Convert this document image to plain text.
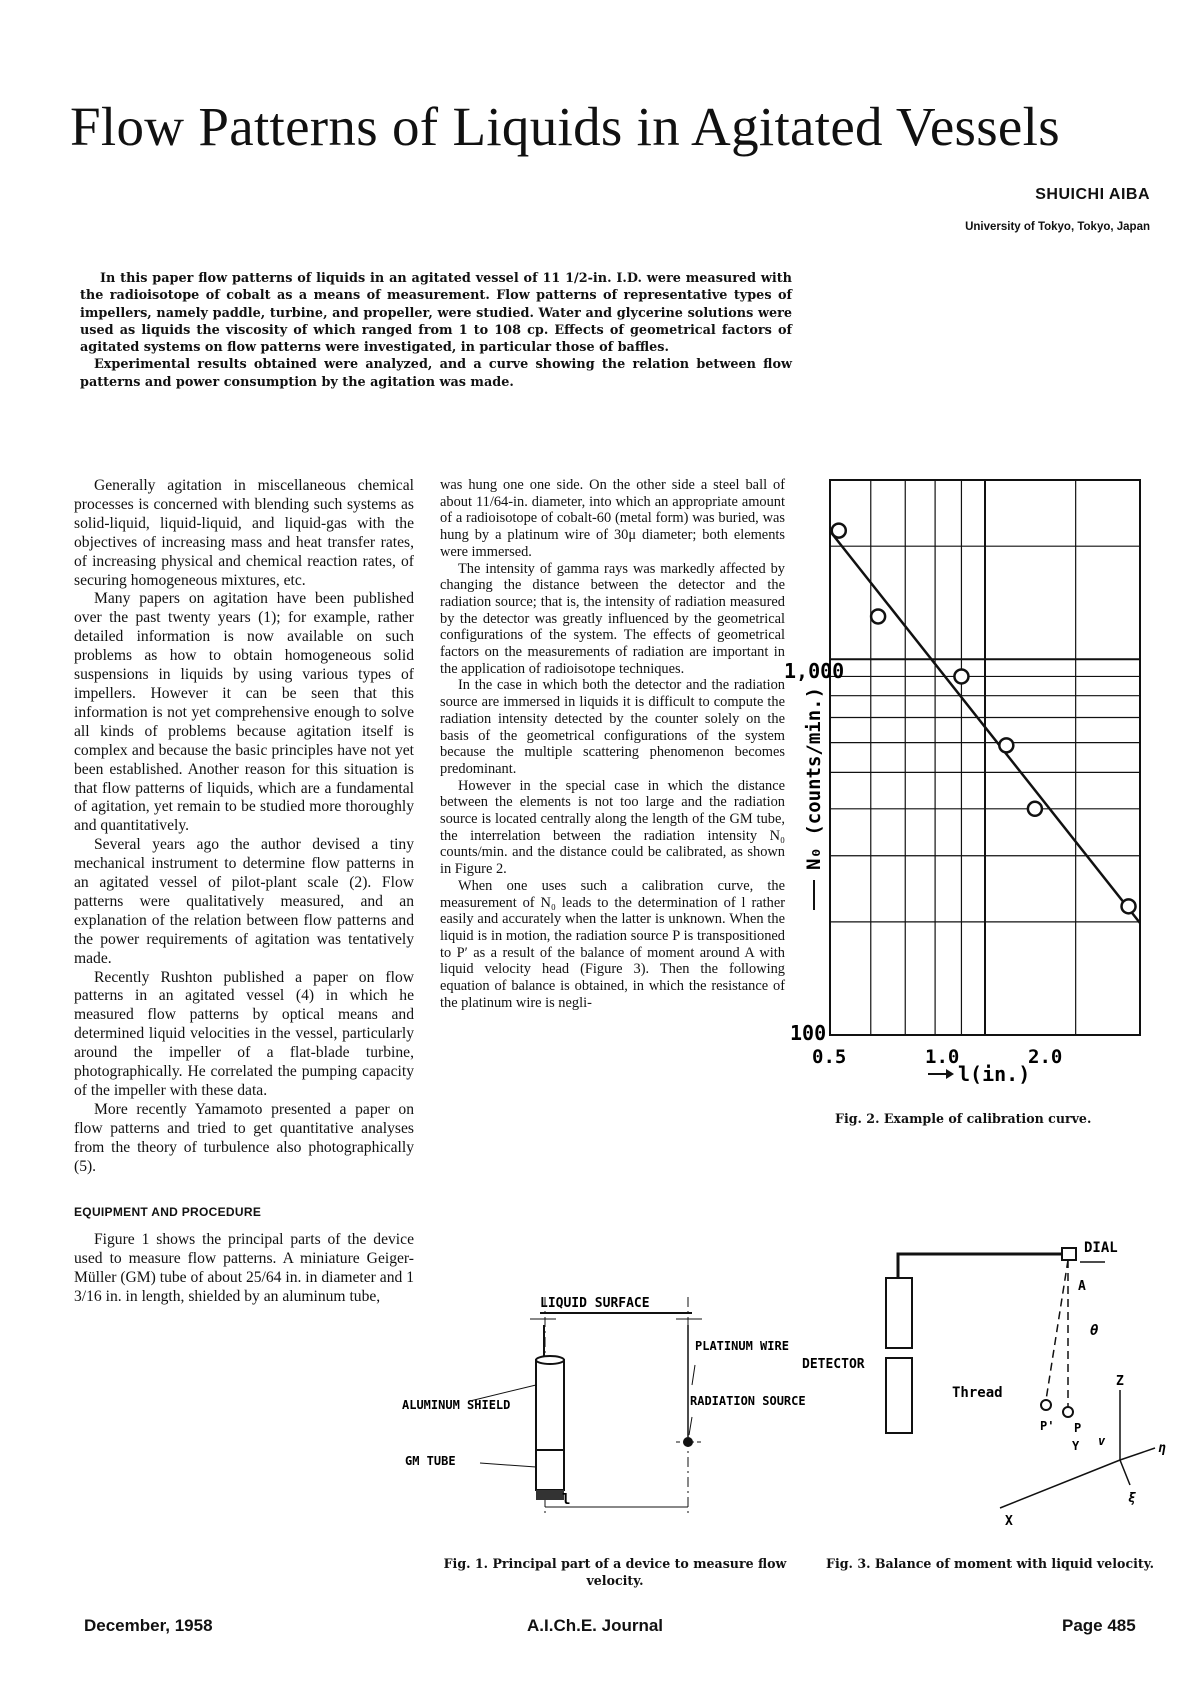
Flow Patterns of Liquids in Agitated Vessels
SHUICHI AIBA
University of Tokyo, Tokyo, Japan

In this paper flow patterns of liquids in an agitated vessel of 11 1/2-in. I.D. were measured with the radioisotope of cobalt as a means of measurement. Flow patterns of representative types of impellers, namely paddle, turbine, and propeller, were studied. Water and glycerine solutions were used as liquids the viscosity of which ranged from 1 to 108 cp. Effects of geometrical factors of agitated systems on flow patterns were investigated, in particular those of baffles.

Experimental results obtained were analyzed, and a curve showing the relation between flow patterns and power consumption by the agitation was made.

Generally agitation in miscellaneous chemical processes is concerned with blending such systems as solid-liquid, liquid-liquid, and liquid-gas with the objectives of increasing mass and heat transfer rates, of increasing physical and chemical reaction rates, of securing homogeneous mixtures, etc.

Many papers on agitation have been published over the past twenty years (1); for example, rather detailed information is now available on such problems as how to obtain homogeneous solid suspensions in liquids by using various types of impellers. However it can be seen that this information is not yet comprehensive enough to solve all kinds of problems because agitation itself is complex and because the basic principles have not yet been established. Another reason for this situation is that flow patterns of liquids, which are a fundamental of agitation, yet remain to be studied more thoroughly and quantitatively.

Several years ago the author devised a tiny mechanical instrument to determine flow patterns in an agitated vessel of pilot-plant scale (2). Flow patterns were qualitatively measured, and an explanation of the relation between flow patterns and the power requirements of agitation was tentatively made.

Recently Rushton published a paper on flow patterns in an agitated vessel (4) in which he measured flow patterns by optical means and determined liquid velocities in the vessel, particularly around the impeller of a flat-blade turbine, photographically. He correlated the pumping capacity of the impeller with these data.

More recently Yamamoto presented a paper on flow patterns and tried to get quantitative analyses from the theory of turbulence also photographically (5).

EQUIPMENT AND PROCEDURE

Figure 1 shows the principal parts of the device used to measure flow patterns. A miniature Geiger-Müller (GM) tube of about 25/64 in. in diameter and 1 3/16 in. in length, shielded by an aluminum tube,

was hung one one side. On the other side a steel ball of about 11/64-in. diameter, into which an appropriate amount of a radioisotope of cobalt-60 (metal form) was buried, was hung by a platinum wire of 30μ diameter; both elements were immersed.

The intensity of gamma rays was markedly affected by changing the distance between the detector and the radiation source; that is, the intensity of radiation measured by the detector was greatly influenced by the geometrical configurations of the system. The effects of geometrical factors on the measurements of radiation are important in the application of radioisotope techniques.

In the case in which both the detector and the radiation source are immersed in liquids it is difficult to compute the radiation intensity detected by the counter solely on the basis of the geometrical configurations of the system because the multiple scattering phenomenon becomes predominant.

However in the special case in which the distance between the elements is not too large and the radiation source is located centrally along the length of the GM tube, the interrelation between the radiation intensity N₀ counts/min. and the distance could be calibrated, as shown in Figure 2.

When one uses such a calibration curve, the measurement of N₀ leads to the determination of l rather easily and accurately when the latter is unknown. When the liquid is in motion, the radiation source P is transpositioned to P′ as a result of the balance of moment around A with liquid velocity head (Figure 3). Then the following equation of balance is obtained, in which the resistance of the platinum wire is negli-

1,000
100
0.5	1.0	2.0
l(in.)
N₀ (counts/min.)
Fig. 2. Example of calibration curve.
LIQUID SURFACE
PLATINUM WIRE
RADIATION SOURCE
ALUMINUM SHIELD
GM TUBE
l
Fig. 1. Principal part of a device to measure flow velocity.
DIAL
DETECTOR
A
θ
Thread
P' P
Y v
Z
X
η
ξ
Fig. 3. Balance of moment with liquid velocity.
December, 1958	A.I.Ch.E. Journal	Page 485
